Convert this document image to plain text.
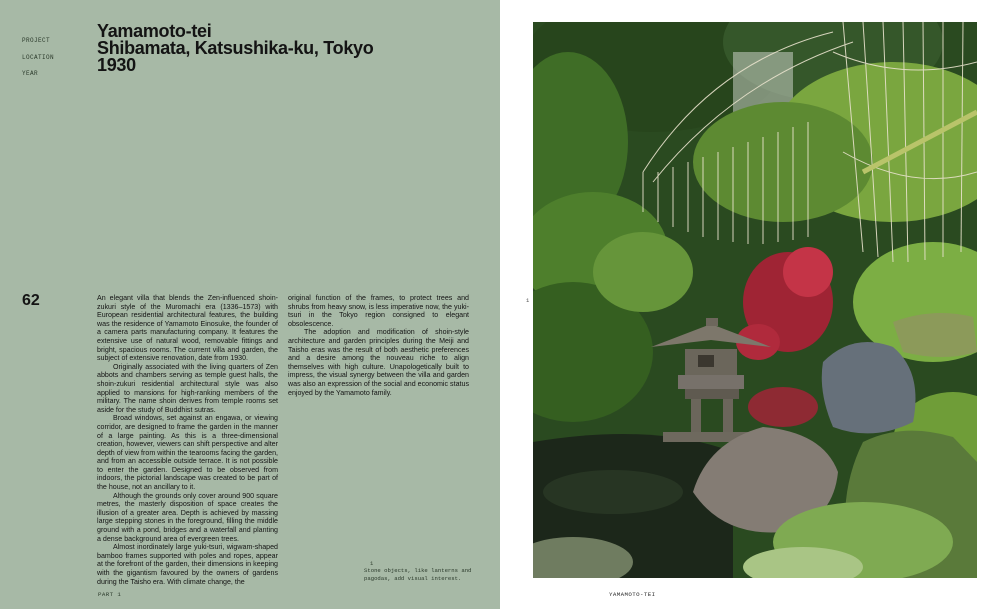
PROJECT
LOCATION
YEAR
Yamamoto-tei
Shibamata, Katsushika-ku, Tokyo
1930
62	An elegant villa that blends the Zen-influenced shoin-zukuri style of the Muromachi era (1336–1573) with European residential architectural features, the building was the residence of Yamamoto Einosuke, the founder of a camera parts manufacturing company. It features the extensive use of natural wood, removable fittings and bright, spacious rooms. The current villa and garden, the subject of extensive renovation, date from 1930.

Originally associated with the living quarters of Zen abbots and chambers serving as temple guest halls, the shoin-zukuri residential architectural style was also applied to mansions for high-ranking members of the military. The name shoin derives from temple rooms set aside for the study of Buddhist sutras.

Broad windows, set against an engawa, or viewing corridor, are designed to frame the garden in the manner of a large painting. As this is a three-dimensional creation, however, viewers can shift perspective and alter depth of view from within the tearooms facing the garden, and from an accessible outside terrace. It is not possible to enter the garden. Designed to be observed from indoors, the pictorial landscape was created to be part of the house, not an ancillary to it.

Although the grounds only cover around 900 square metres, the masterly disposition of space creates the illusion of a greater area. Depth is achieved by massing large stepping stones in the foreground, filling the middle ground with a pond, bridges and a waterfall and planting a dense background area of evergreen trees.

Almost inordinately large yuki-tsuri, wigwam-shaped bamboo frames supported with poles and ropes, appear at the forefront of the garden, their dimensions in keeping with the gigantism favoured by the owners of gardens during the Taisho era. With climate change, the

original function of the frames, to protect trees and shrubs from heavy snow, is less imperative now, the yuki-tsuri in the Tokyo region consigned to elegant obsolescence.

The adoption and modification of shoin-style architecture and garden principles during the Meiji and Taisho eras was the result of both aesthetic preferences and a desire among the nouveau riche to align themselves with high culture. Unapologetically built to impress, the visual synergy between the villa and garden was also an expression of the social and economic status enjoyed by the Yamamoto family.

1
Stone objects, like lanterns and pagodas, add visual interest.
PART 1
1
YAMAMOTO-TEI
